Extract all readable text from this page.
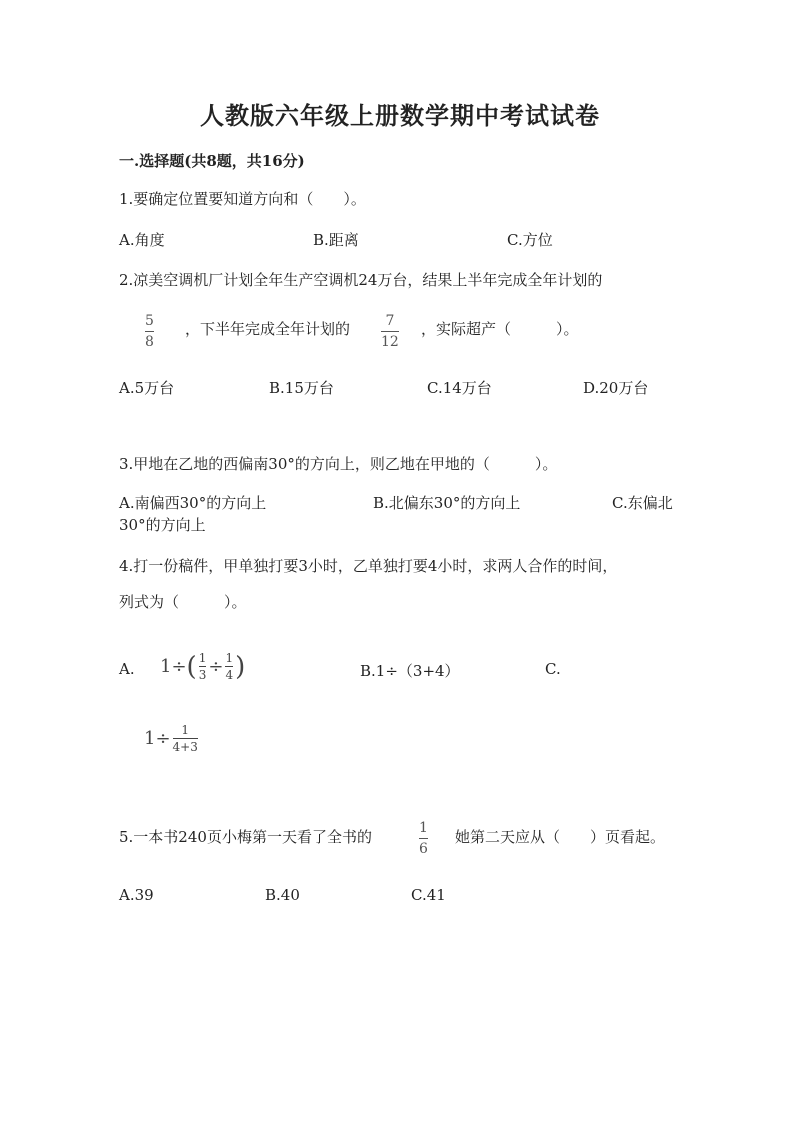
人教版六年级上册数学期中考试试卷
一.选择题(共8题，共16分)
1.要确定位置要知道方向和（　　）。
A.角度	B.距离	C.方位
2.凉美空调机厂计划全年生产空调机24万台，结果上半年完成全年计划的
5
8
，下半年完成全年计划的	7
12
，实际超产（　　　）。
A.5万台	B.15万台	C.14万台	D.20万台
3.甲地在乙地的西偏南30°的方向上，则乙地在甲地的（　　　）。
A.南偏西30°的方向上	B.北偏东30°的方向上	C.东偏北
30°的方向上
4.打一份稿件，甲单独打要3小时，乙单独打要4小时，求两人合作的时间，
列式为（　　　）。
A. 1 ÷ ( 1
3 ÷ 1
4 )	B.1÷（3+4）	C.
1 ÷ 1
4+3
5.一本书240页小梅第一天看了全书的	1
6
她第二天应从（　　）页看起。
A.39	B.40	C.41
